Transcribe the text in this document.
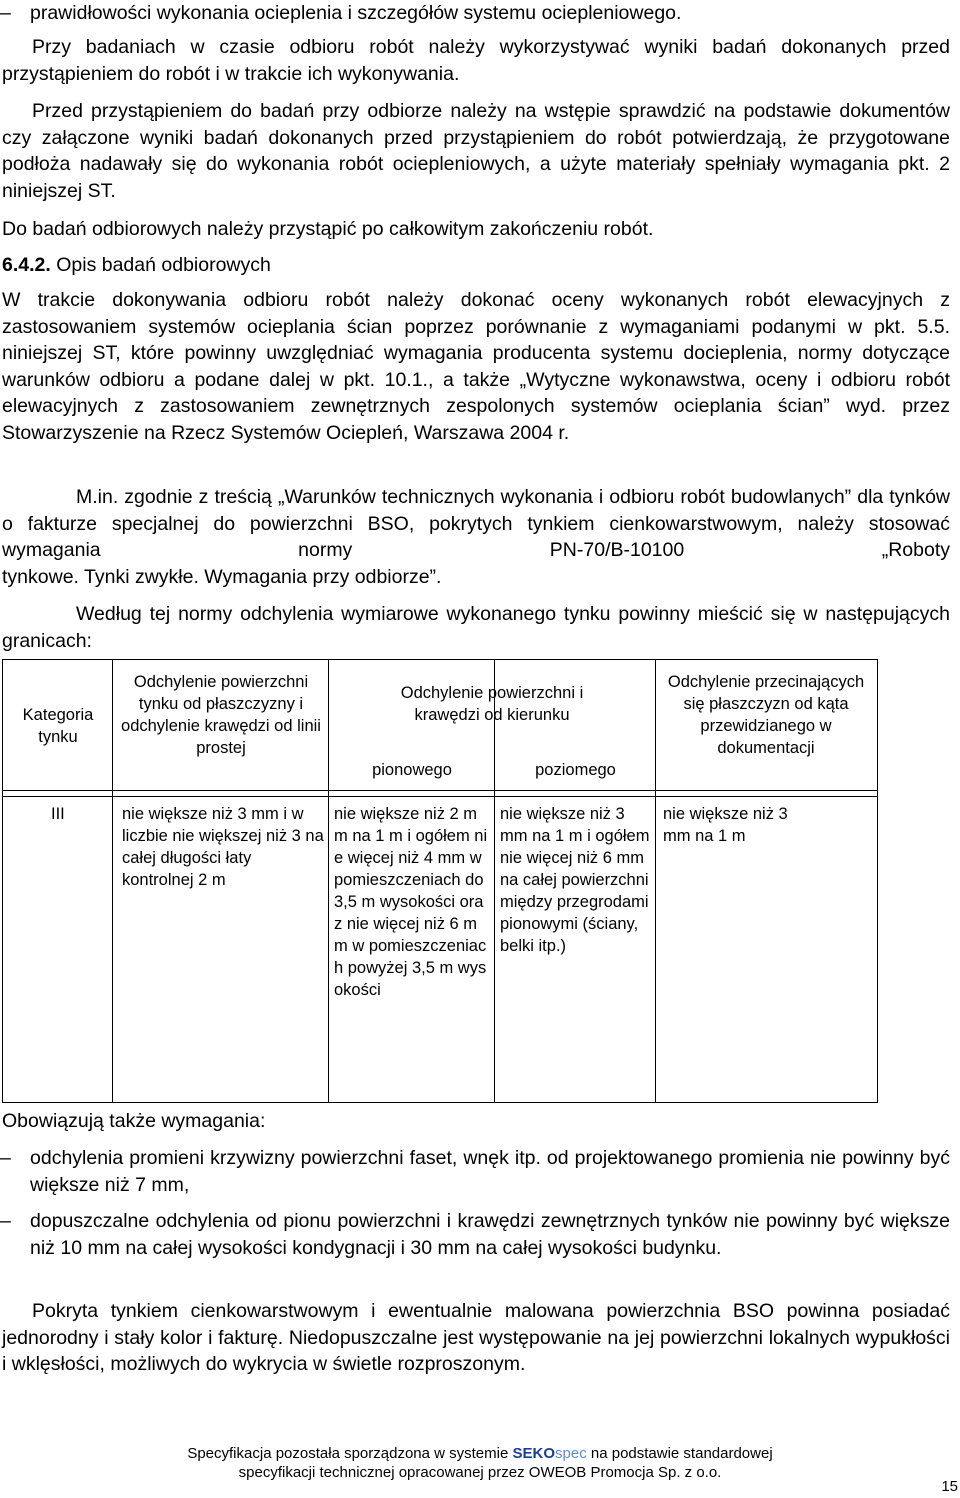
– prawidłowości wykonania ocieplenia i szczegółów systemu ociepleniowego.
Przy badaniach w czasie odbioru robót należy wykorzystywać wyniki badań dokonanych przed przystąpieniem do robót i w trakcie ich wykonywania.
Przed przystąpieniem do badań przy odbiorze należy na wstępie sprawdzić na podstawie dokumentów czy załączone wyniki badań dokonanych przed przystąpieniem do robót potwierdzają, że przygotowane podłoża nadawały się do wykonania robót ociepleniowych, a użyte materiały spełniały wymagania pkt. 2 niniejszej ST.
Do badań odbiorowych należy przystąpić po całkowitym zakończeniu robót.
6.4.2. Opis badań odbiorowych
W trakcie dokonywania odbioru robót należy dokonać oceny wykonanych robót elewacyjnych z zastosowaniem systemów ocieplania ścian poprzez porównanie z wymaganiami podanymi w pkt. 5.5. niniejszej ST, które powinny uwzględniać wymagania producenta systemu docieplenia, normy dotyczące warunków odbioru a podane dalej w pkt. 10.1., a także „Wytyczne wykonawstwa, oceny i odbioru robót elewacyjnych z zastosowaniem zewnętrznych zespolonych systemów ocieplania ścian” wyd. przez Stowarzyszenie na Rzecz Systemów Ociepleń, Warszawa 2004 r.
M.in. zgodnie z treścią „Warunków technicznych wykonania i odbioru robót budowlanych” dla tynków o fakturze specjalnej do powierzchni BSO, pokrytych tynkiem cienkowarstwowym, należy stosować wymagania normy PN-70/B-10100 „Roboty
tynkowe. Tynki zwykłe. Wymagania przy odbiorze”.
Według tej normy odchylenia wymiarowe wykonanego tynku powinny mieścić się w następujących granicach:
Kategoria tynku
Odchylenie powierzchni tynku od płaszczyzny i odchylenie krawędzi od linii prostej
Odchylenie powierzchni i krawędzi od kierunku
pionowego	poziomego
Odchylenie przecinających się płaszczyzn od kąta przewidzianego w dokumentacji
III	nie większe niż 3 mm i w liczbie nie większej niż 3 na całej długości łaty kontrolnej 2 m
nie większe niż 2 mm na 1 m i ogółem nie więcej niż 4 mm w pomieszczeniach do 3,5 m wysokości oraz nie więcej niż 6 mm w pomieszczeniach powyżej 3,5 m wysokości
nie większe niż 3 mm na 1 m i ogółem nie więcej niż 6 mm na całej powierzchni między przegrodami pionowymi (ściany, belki itp.)
nie większe niż 3 mm na 1 m
Obowiązują także wymagania:
– odchylenia promieni krzywizny powierzchni faset, wnęk itp. od projektowanego promienia nie powinny być większe niż 7 mm,
– dopuszczalne odchylenia od pionu powierzchni i krawędzi zewnętrznych tynków nie powinny być większe niż 10 mm na całej wysokości kondygnacji i 30 mm na całej wysokości budynku.
Pokryta tynkiem cienkowarstwowym i ewentualnie malowana powierzchnia BSO powinna posiadać jednorodny i stały kolor i fakturę. Niedopuszczalne jest występowanie na jej powierzchni lokalnych wypukłości i wklęsłości, możliwych do wykrycia w świetle rozproszonym.
Specyfikacja pozostała sporządzona w systemie SEKOspec na podstawie standardowej
specyfikacji technicznej opracowanej przez OWEOB Promocja Sp. z o.o.
15
